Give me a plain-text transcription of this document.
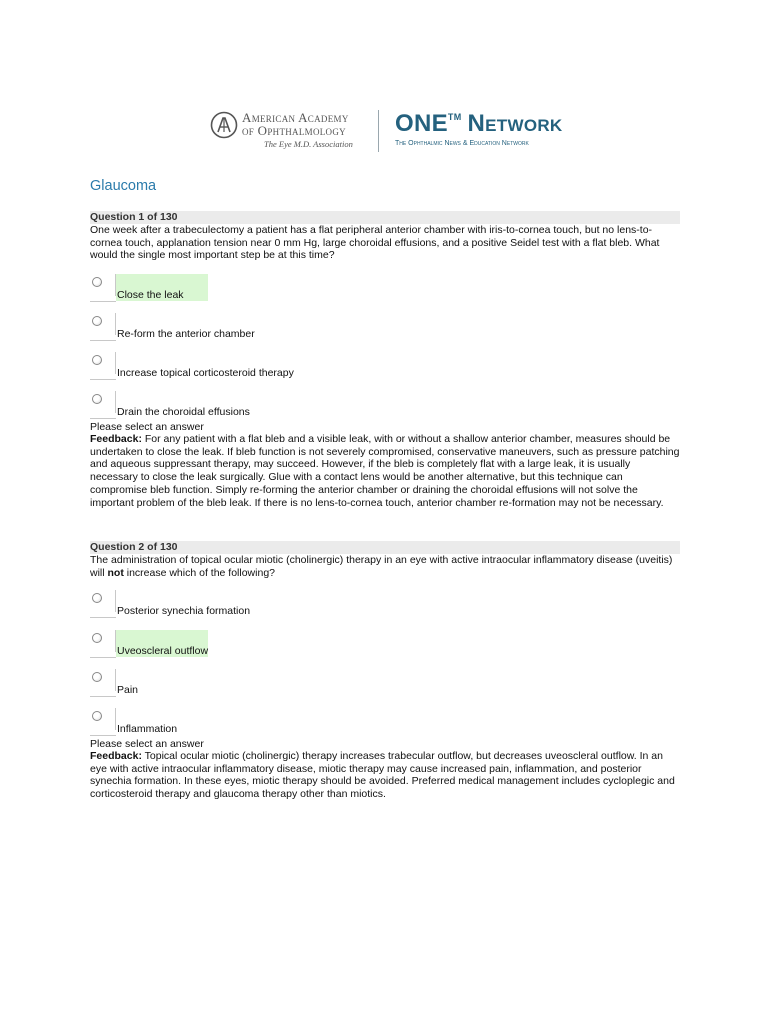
American Academy
of Ophthalmology
The Eye M.D. Association
ONE™ Network
The Ophthalmic News & Education Network
Glaucoma
Question 1 of 130
One week after a trabeculectomy a patient has a flat peripheral anterior chamber with iris-to-cornea touch, but no lens-to-cornea touch, applanation tension near 0 mm Hg, large choroidal effusions, and a positive Seidel test with a flat bleb. What would the single most important step be at this time?
Close the leak
Re-form the anterior chamber
Increase topical corticosteroid therapy
Drain the choroidal effusions
Please select an answer
Feedback: For any patient with a flat bleb and a visible leak, with or without a shallow anterior chamber, measures should be undertaken to close the leak. If bleb function is not severely compromised, conservative maneuvers, such as pressure patching and aqueous suppressant therapy, may succeed. However, if the bleb is completely flat with a large leak, it is usually necessary to close the leak surgically. Glue with a contact lens would be another alternative, but this technique can compromise bleb function. Simply re-forming the anterior chamber or draining the choroidal effusions will not solve the important problem of the bleb leak. If there is no lens-to-cornea touch, anterior chamber re-formation may not be necessary.
Question 2 of 130
The administration of topical ocular miotic (cholinergic) therapy in an eye with active intraocular inflammatory disease (uveitis) will not increase which of the following?
Posterior synechia formation
Uveoscleral outflow
Pain
Inflammation
Please select an answer
Feedback: Topical ocular miotic (cholinergic) therapy increases trabecular outflow, but decreases uveoscleral outflow. In an eye with active intraocular inflammatory disease, miotic therapy may cause increased pain, inflammation, and posterior synechia formation. In these eyes, miotic therapy should be avoided. Preferred medical management includes cycloplegic and corticosteroid therapy and glaucoma therapy other than miotics.
